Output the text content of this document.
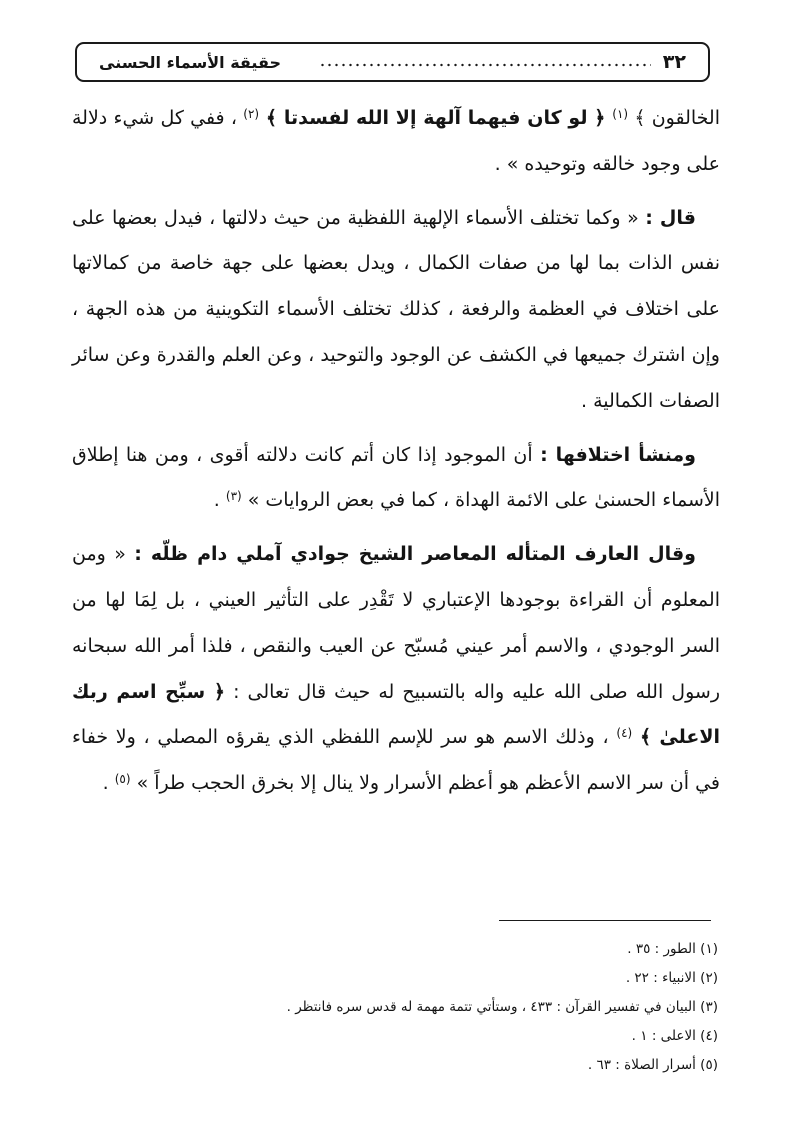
٣٢
حقيقة الأسماء الحسنى

الخالقون ﴾ $^{(١)}$ ﴿ لو كان فيهما آلهة إلا الله لفسدتا ﴾ $^{(٢)}$ ، ففي كل شيء دلالة على وجود خالقه وتوحيده » .

قال : « وكما تختلف الأسماء الإلهية اللفظية من حيث دلالتها ، فيدل بعضها على نفس الذات بما لها من صفات الكمال ، ويدل بعضها على جهة خاصة من كمالاتها على اختلاف في العظمة والرفعة ، كذلك تختلف الأسماء التكوينية من هذه الجهة ، وإن اشترك جميعها في الكشف عن الوجود والتوحيد ، وعن العلم والقدرة وعن سائر الصفات الكمالية .

ومنشأ اختلافها : أن الموجود إذا كان أتم كانت دلالته أقوى ، ومن هنا إطلاق الأسماء الحسنىٰ على الائمة الهداة ، كما في بعض الروايات » $^{(٣)}$ .

وقال العارف المتأله المعاصر الشيخ جوادي آملي دام ظلّه : « ومن المعلوم أن القراءة بوجودها الإعتباري لا تَقْدِر على التأثير العيني ، بل لِمَا لها من السر الوجودي ، والاسم أمر عيني مُسبّح عن العيب والنقص ، فلذا أمر الله سبحانه رسول الله صلى الله عليه واله بالتسبيح له حيث قال تعالى : ﴿ سبِّح اسم ربك الاعلىٰ ﴾ $^{(٤)}$ ، وذلك الاسم هو سر للإسم اللفظي الذي يقرؤه المصلي ، ولا خفاء في أن سر الاسم الأعظم هو أعظم الأسرار ولا ينال إلا بخرق الحجب طراً » $^{(٥)}$ .

(١) الطور : ٣٥ .
(٢) الانبياء : ٢٢ .
(٣) البيان في تفسير القرآن : ٤٣٣ ، وستأتي تتمة مهمة له قدس سره فانتظر .
(٤) الاعلى : ١ .
(٥) أسرار الصلاة : ٦٣ .
